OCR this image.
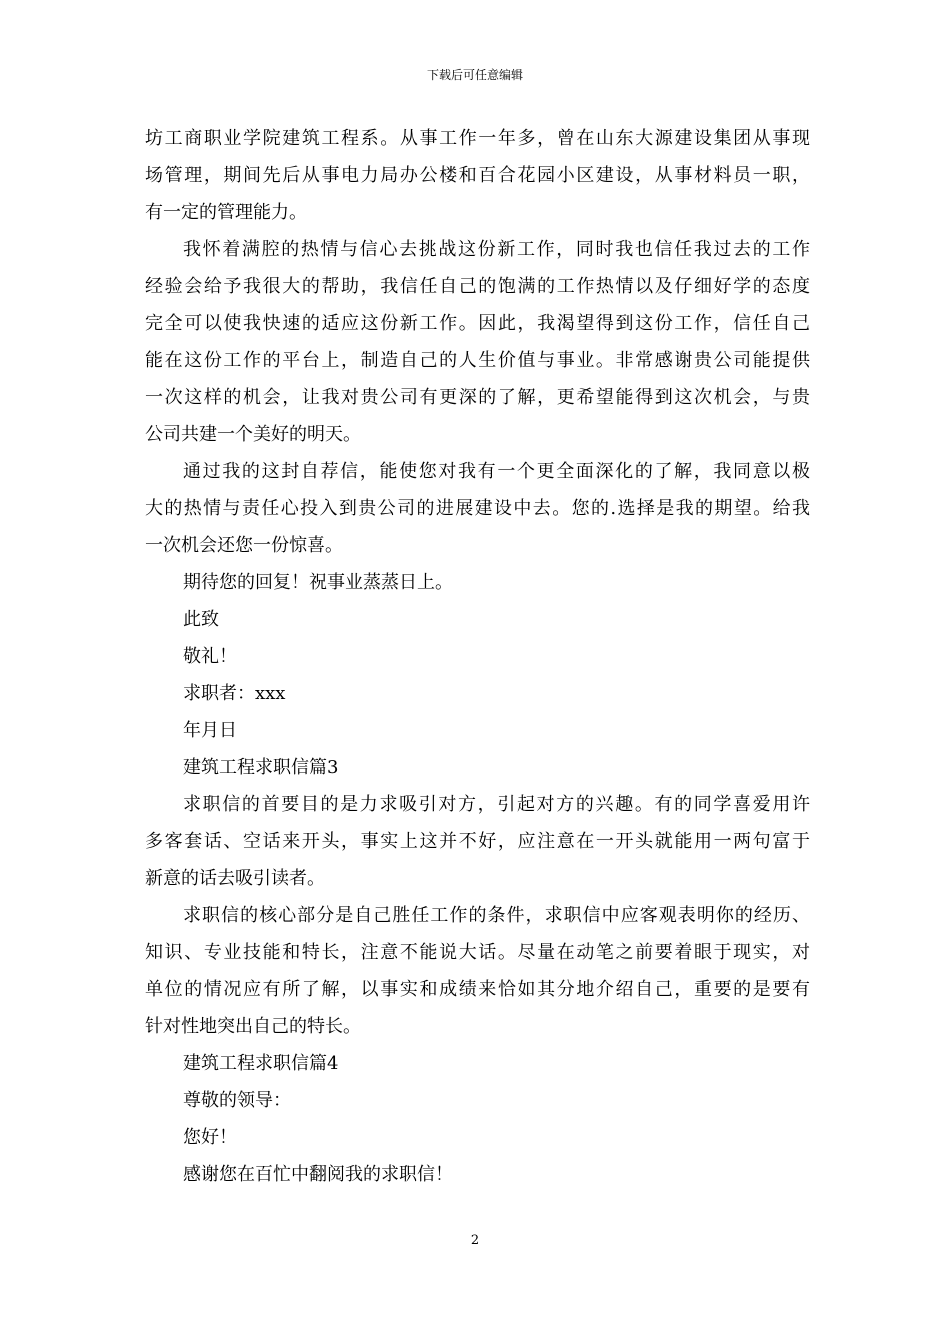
下载后可任意编辑
坊工商职业学院建筑工程系。从事工作一年多，曾在山东大源建设集团从事现
场管理，期间先后从事电力局办公楼和百合花园小区建设，从事材料员一职，
有一定的管理能力。
我怀着满腔的热情与信心去挑战这份新工作，同时我也信任我过去的工作
经验会给予我很大的帮助，我信任自己的饱满的工作热情以及仔细好学的态度
完全可以使我快速的适应这份新工作。因此，我渴望得到这份工作，信任自己
能在这份工作的平台上，制造自己的人生价值与事业。非常感谢贵公司能提供
一次这样的机会，让我对贵公司有更深的了解，更希望能得到这次机会，与贵
公司共建一个美好的明天。
通过我的这封自荐信，能使您对我有一个更全面深化的了解，我同意以极
大的热情与责任心投入到贵公司的进展建设中去。您的.选择是我的期望。给我
一次机会还您一份惊喜。
期待您的回复！祝事业蒸蒸日上。
此致
敬礼！
求职者：xxx
年月日
建筑工程求职信篇3
求职信的首要目的是力求吸引对方，引起对方的兴趣。有的同学喜爱用许
多客套话、空话来开头，事实上这并不好，应注意在一开头就能用一两句富于
新意的话去吸引读者。
求职信的核心部分是自己胜任工作的条件，求职信中应客观表明你的经历、
知识、专业技能和特长，注意不能说大话。尽量在动笔之前要着眼于现实，对
单位的情况应有所了解，以事实和成绩来恰如其分地介绍自己，重要的是要有
针对性地突出自己的特长。
建筑工程求职信篇4
尊敬的领导：
您好！
感谢您在百忙中翻阅我的求职信！
2
